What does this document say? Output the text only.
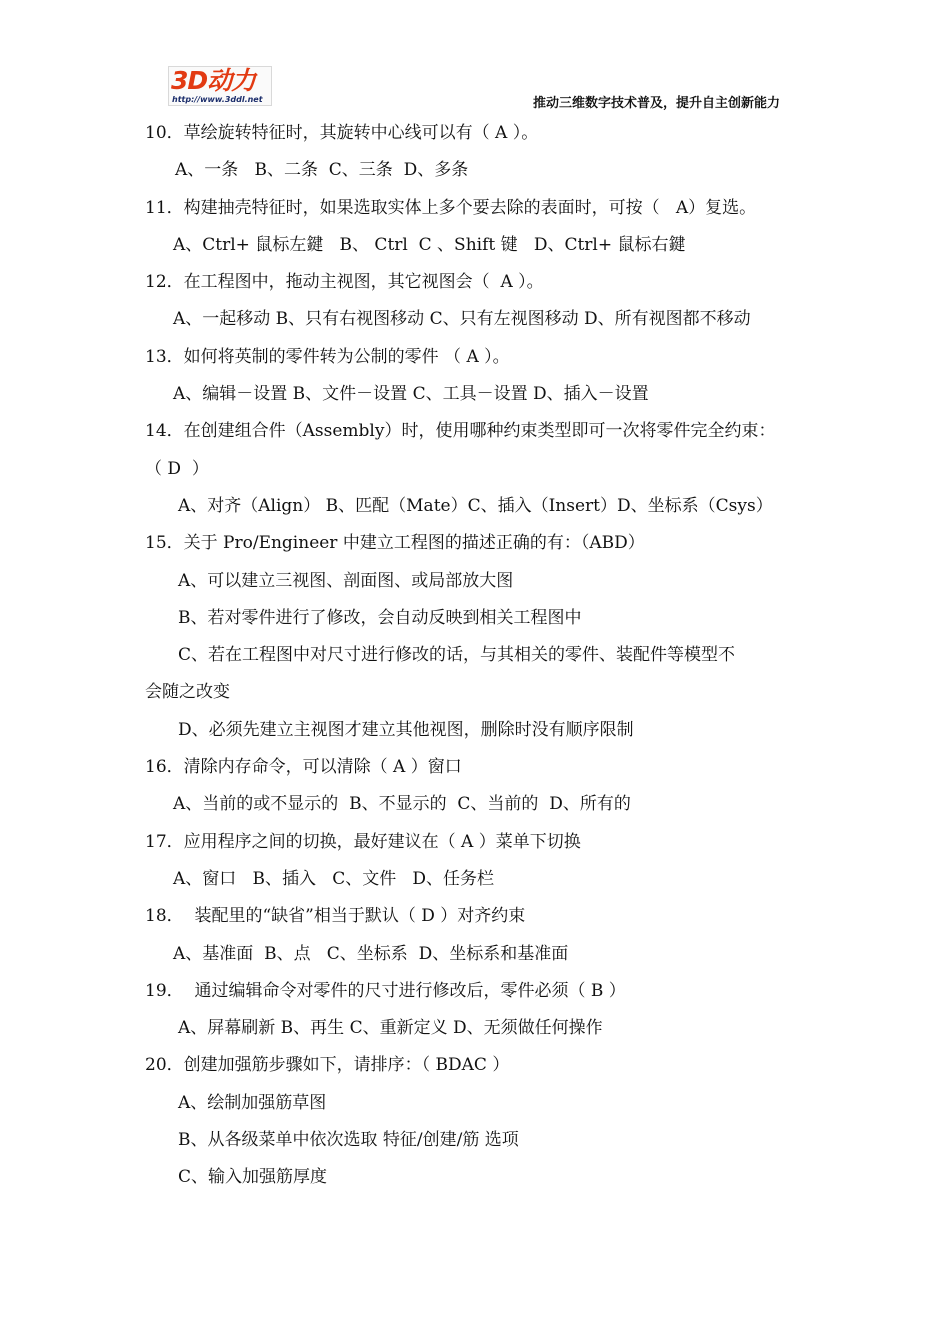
3D动力
http://www.3ddl.net	推动三维数字技术普及，提升自主创新能力
10．草绘旋转特征时，其旋转中心线可以有（ A ）。
A、一条   B、二条  C、三条  D、多条
11．构建抽壳特征时，如果选取实体上多个要去除的表面时，可按（   A）复选。
A、Ctrl+ 鼠标左鍵   B、 Ctrl  C 、Shift 键   D、Ctrl+ 鼠标右鍵
12．在工程图中，拖动主视图，其它视图会（  A ）。
A、一起移动 B、只有右视图移动 C、只有左视图移动 D、所有视图都不移动
13．如何将英制的零件转为公制的零件 （ A ）。
A、编辑－设置 B、文件－设置 C、工具－设置 D、插入－设置
14．在创建组合件（Assembly）时，使用哪种约束类型即可一次将零件完全约束：
（ D  ）
A、对齐（Align） B、匹配（Mate）C、插入（Insert）D、坐标系（Csys）
15．关于 Pro/Engineer 中建立工程图的描述正确的有：（ABD）
A、可以建立三视图、剖面图、或局部放大图
B、若对零件进行了修改，会自动反映到相关工程图中
C、若在工程图中对尺寸进行修改的话，与其相关的零件、装配件等模型不
会随之改变
D、必须先建立主视图才建立其他视图，删除时没有顺序限制
16．清除内存命令，可以清除（ A ）窗口
A、当前的或不显示的  B、不显示的  C、当前的  D、所有的
17．应用程序之间的切换，最好建议在（ A ）菜单下切换
A、窗口   B、插入   C、文件   D、任务栏
18．  装配里的“缺省”相当于默认（ D ）对齐约束
A、基准面  B、点   C、坐标系  D、坐标系和基准面
19．  通过编辑命令对零件的尺寸进行修改后，零件必须（ B ）
A、屏幕刷新 B、再生 C、重新定义 D、无须做任何操作
20．创建加强筋步骤如下，请排序：（ BDAC ）
A、绘制加强筋草图
B、从各级菜单中依次选取 特征/创建/筋 选项
C、输入加强筋厚度
